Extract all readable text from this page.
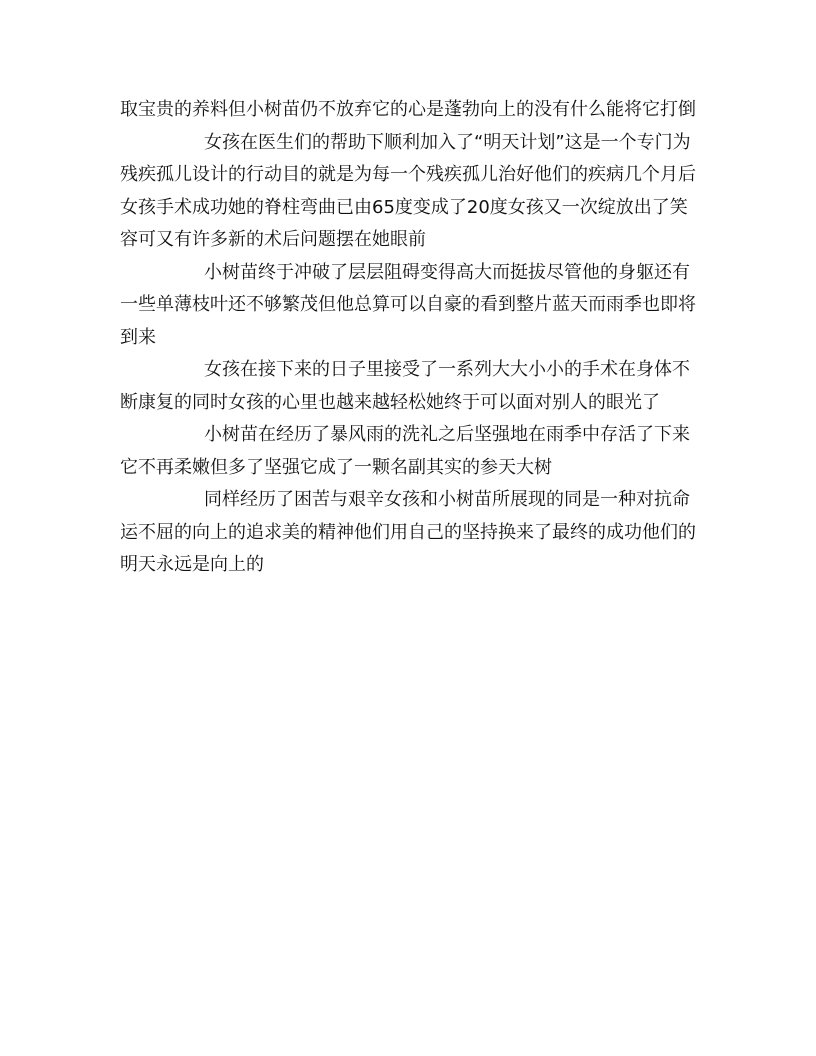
取宝贵的养料但小树苗仍不放弃它的心是蓬勃向上的没有什么能将它打倒

女孩在医生们的帮助下顺利加入了“明天计划”这是一个专门为残疾孤儿设计的行动目的就是为每一个残疾孤儿治好他们的疾病几个月后女孩手术成功她的脊柱弯曲已由65度变成了20度女孩又一次绽放出了笑容可又有许多新的术后问题摆在她眼前

小树苗终于冲破了层层阻碍变得高大而挺拔尽管他的身躯还有一些单薄枝叶还不够繁茂但他总算可以自豪的看到整片蓝天而雨季也即将到来

女孩在接下来的日子里接受了一系列大大小小的手术在身体不断康复的同时女孩的心里也越来越轻松她终于可以面对别人的眼光了

小树苗在经历了暴风雨的洗礼之后坚强地在雨季中存活了下来它不再柔嫩但多了坚强它成了一颗名副其实的参天大树

同样经历了困苦与艰辛女孩和小树苗所展现的同是一种对抗命运不屈的向上的追求美的精神他们用自己的坚持换来了最终的成功他们的明天永远是向上的
